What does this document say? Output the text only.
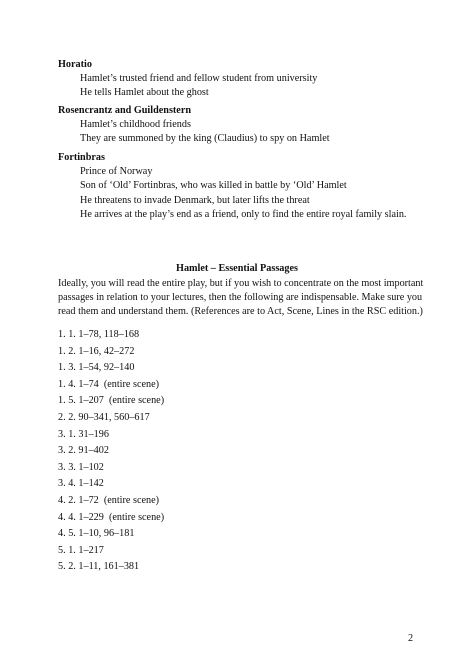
Horatio

Hamlet’s trusted friend and fellow student from university

He tells Hamlet about the ghost

Rosencrantz and Guildenstern

Hamlet’s childhood friends

They are summoned by the king (Claudius) to spy on Hamlet

Fortinbras

Prince of Norway

Son of ‘Old’ Fortinbras, who was killed in battle by ‘Old’ Hamlet

He threatens to invade Denmark, but later lifts the threat

He arrives at the play’s end as a friend, only to find the entire royal family slain.

Hamlet – Essential Passages

Ideally, you will read the entire play, but if you wish to concentrate on the most important
passages in relation to your lectures, then the following are indispensable. Make sure you
read them and understand them. (References are to Act, Scene, Lines in the RSC edition.)

1. 1. 1–78, 118–168
1. 2. 1–16, 42–272
1. 3. 1–54, 92–140
1. 4. 1–74  (entire scene)
1. 5. 1–207  (entire scene)
2. 2. 90–341, 560–617
3. 1. 31–196
3. 2. 91–402
3. 3. 1–102
3. 4. 1–142
4. 2. 1–72  (entire scene)
4. 4. 1–229  (entire scene)
4. 5. 1–10, 96–181
5. 1. 1–217
5. 2. 1–11, 161–381

2
